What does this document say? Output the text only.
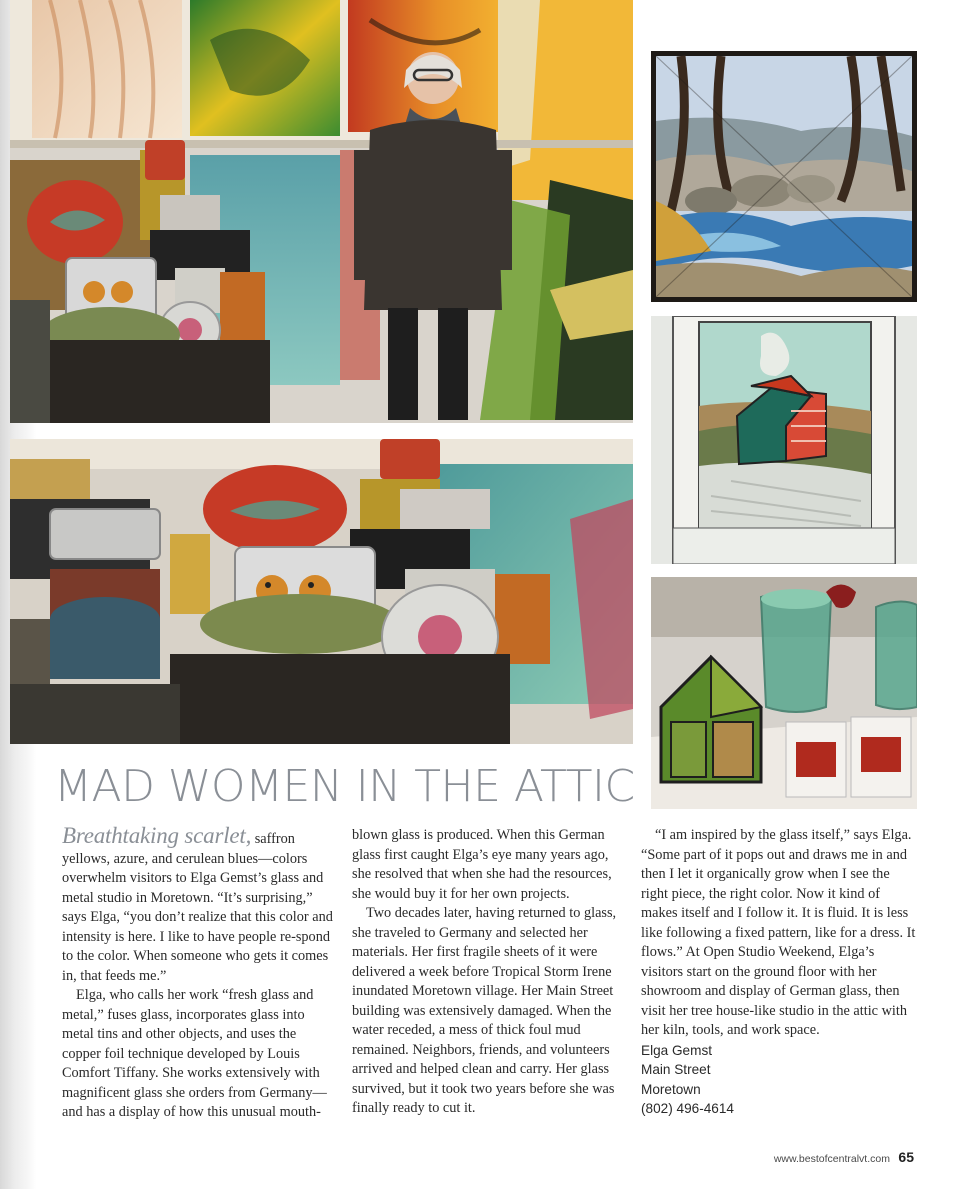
MAD WOMEN IN THE ATTIC

Breathtaking scarlet, saffron yellows, azure, and cerulean blues—colors overwhelm visitors to Elga Gemst’s glass and metal studio in Moretown. “It’s surprising,” says Elga, “you don’t realize that this color and intensity is here. I like to have people re-spond to the color. When someone who gets it comes in, that feeds me.”

Elga, who calls her work “fresh glass and metal,” fuses glass, incorporates glass into metal tins and other objects, and uses the copper foil technique developed by Louis Comfort Tiffany. She works extensively with magnificent glass she orders from Germany—and has a display of how this unusual mouth-

blown glass is produced. When this German glass first caught Elga’s eye many years ago, she resolved that when she had the resources, she would buy it for her own projects.

Two decades later, having returned to glass, she traveled to Germany and selected her materials. Her first fragile sheets of it were delivered a week before Tropical Storm Irene inundated Moretown village. Her Main Street building was extensively damaged. When the water receded, a mess of thick foul mud remained. Neighbors, friends, and volunteers arrived and helped clean and carry. Her glass survived, but it took two years before she was finally ready to cut it.

“I am inspired by the glass itself,” says Elga. “Some part of it pops out and draws me in and then I let it organically grow when I see the right piece, the right color. Now it kind of makes itself and I follow it. It is fluid. It is less like following a fixed pattern, like for a dress. It flows.” At Open Studio Weekend, Elga’s visitors start on the ground floor with her showroom and display of German glass, then visit her tree house-like studio in the attic with her kiln, tools, and work space.

Elga Gemst
Main Street
Moretown
(802) 496-4614
www.bestofcentralvt.com 65
